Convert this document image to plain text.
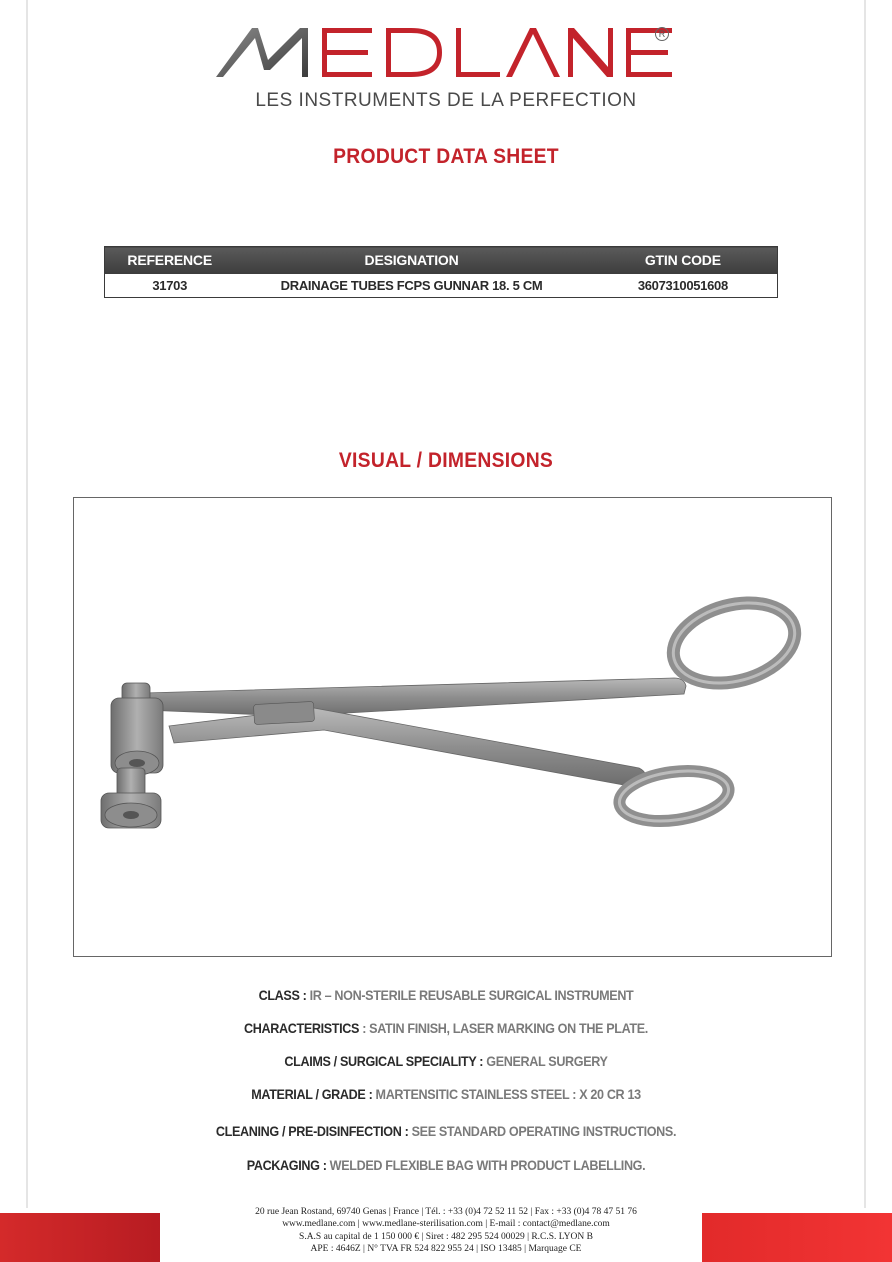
R
LES INSTRUMENTS DE LA PERFECTION
PRODUCT DATA SHEET
REFERENCE	DESIGNATION	GTIN CODE
31703	DRAINAGE TUBES FCPS GUNNAR 18. 5 CM	3607310051608
VISUAL / DIMENSIONS
CLASS : IR – NON-STERILE REUSABLE SURGICAL INSTRUMENT
CHARACTERISTICS : SATIN FINISH, LASER MARKING ON THE PLATE.
CLAIMS / SURGICAL SPECIALITY : GENERAL SURGERY
MATERIAL / GRADE : MARTENSITIC STAINLESS STEEL : X 20 CR 13
CLEANING / PRE-DISINFECTION : SEE STANDARD OPERATING INSTRUCTIONS.
PACKAGING : WELDED FLEXIBLE BAG WITH PRODUCT LABELLING.
20 rue Jean Rostand, 69740 Genas | France | Tél. : +33 (0)4 72 52 11 52 | Fax : +33 (0)4 78 47 51 76
www.medlane.com | www.medlane-sterilisation.com | E-mail : contact@medlane.com
S.A.S au capital de 1 150 000 € | Siret : 482 295 524 00029 | R.C.S. LYON B
APE : 4646Z | N° TVA FR 524 822 955 24 | ISO 13485 | Marquage CE
